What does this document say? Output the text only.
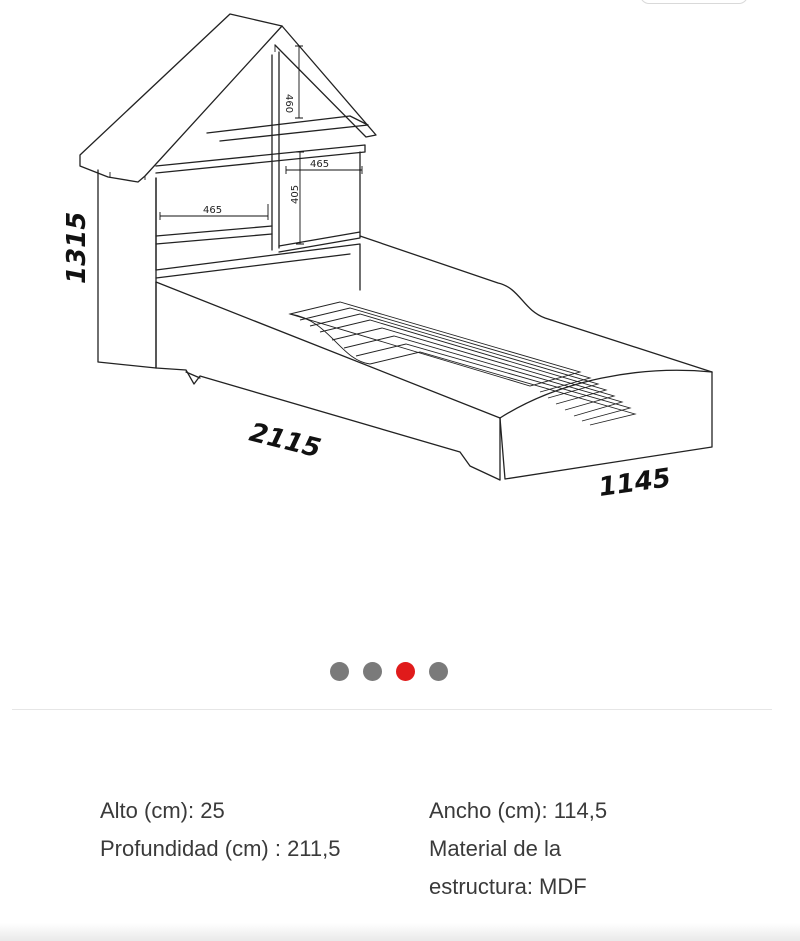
465
465
405
460
1315
2115
1145
Alto (cm): 25
Profundidad (cm) : 211,5
Ancho (cm): 114,5
Material de la estructura: MDF
